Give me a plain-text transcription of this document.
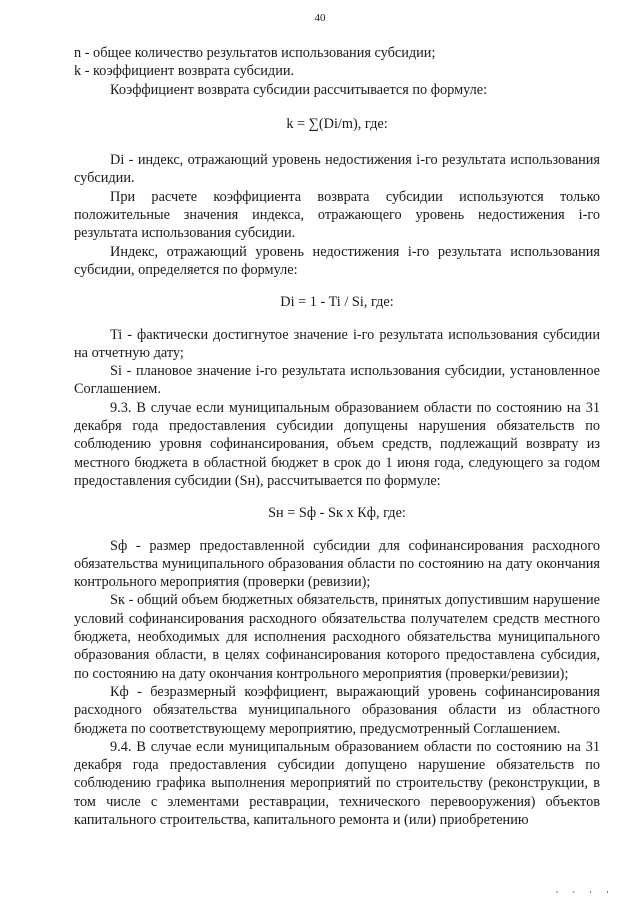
40

n - общее количество результатов использования субсидии;

k - коэффициент возврата субсидии.

Коэффициент возврата субсидии рассчитывается по формуле:

k = ∑(Di/m), где:

Di - индекс, отражающий уровень недостижения i-го результата использования субсидии.

При расчете коэффициента возврата субсидии используются только положительные значения индекса, отражающего уровень недостижения i-го результата использования субсидии.

Индекс, отражающий уровень недостижения i-го результата использования субсидии, определяется по формуле:

Di = 1 - Ti / Si, где:

Ti - фактически достигнутое значение i-го результата использования субсидии на отчетную дату;

Si - плановое значение i-го результата использования субсидии, установленное Соглашением.

9.3. В случае если муниципальным образованием области по состоянию на 31 декабря года предоставления субсидии допущены нарушения обязательств по соблюдению уровня софинансирования, объем средств, подлежащий возврату из местного бюджета в областной бюджет в срок до 1 июня года, следующего за годом предоставления субсидии (Sн), рассчитывается по формуле:

Sн = Sф - Sк x Кф, где:

Sф - размер предоставленной субсидии для софинансирования расходного обязательства муниципального образования области по состоянию на дату окончания контрольного мероприятия (проверки (ревизии);

Sк - общий объем бюджетных обязательств, принятых допустившим нарушение условий софинансирования расходного обязательства получателем средств местного бюджета, необходимых для исполнения расходного обязательства муниципального образования области, в целях софинансирования которого предоставлена субсидия, по состоянию на дату окончания контрольного мероприятия (проверки/ревизии);

Кф - безразмерный коэффициент, выражающий уровень софинансирования расходного обязательства муниципального образования области из областного бюджета по соответствующему мероприятию, предусмотренный Соглашением.

9.4. В случае если муниципальным образованием области по состоянию на 31 декабря года предоставления субсидии допущено нарушение обязательств по соблюдению графика выполнения мероприятий по строительству (реконструкции, в том числе с элементами реставрации, технического перевооружения) объектов капитального строительства, капитального ремонта и (или) приобретению

' ' ' '
